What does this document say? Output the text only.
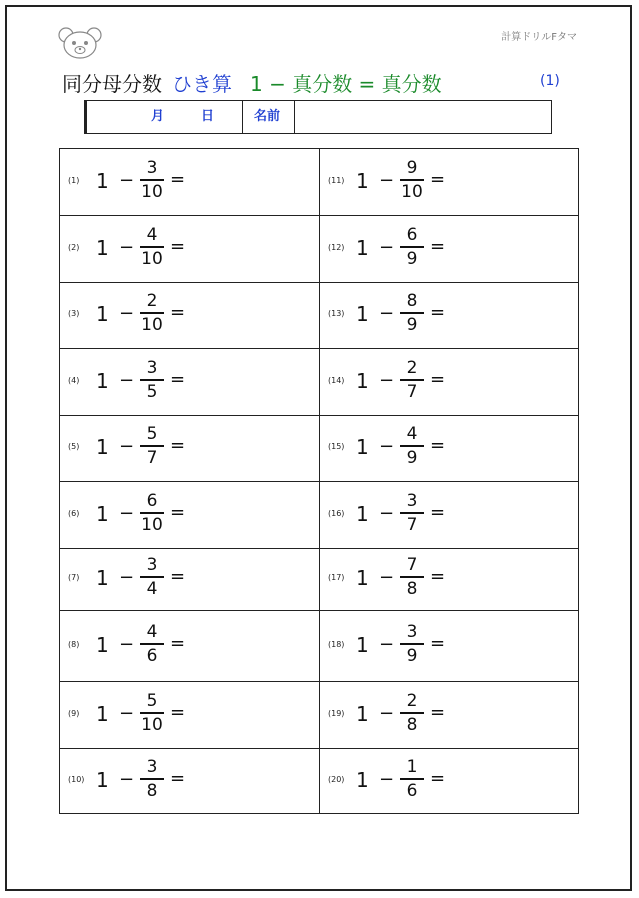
計算ドリルFタマ
同分母分数 ひき算 1 − 真分数 = 真分数	(1)
月	日	名前
(1) 1 −
3
10
=
(2) 1 −
4
10
=
(3) 1 −
2
10
=
(4) 1 −
3
5
=
(5) 1 −
5
7
=
(6) 1 −
6
10
=
(7) 1 −
3
4
=
(8) 1 −
4
6
=
(9) 1 −
5
10
=
(10) 1 −
3
8
=
(11) 1 −
9
10
=
(12) 1 −
6
9
=
(13) 1 −
8
9
=
(14) 1 −
2
7
=
(15) 1 −
4
9
=
(16) 1 −
3
7
=
(17) 1 −
7
8
=
(18) 1 −
3
9
=
(19) 1 −
2
8
=
(20) 1 −
1
6
=
